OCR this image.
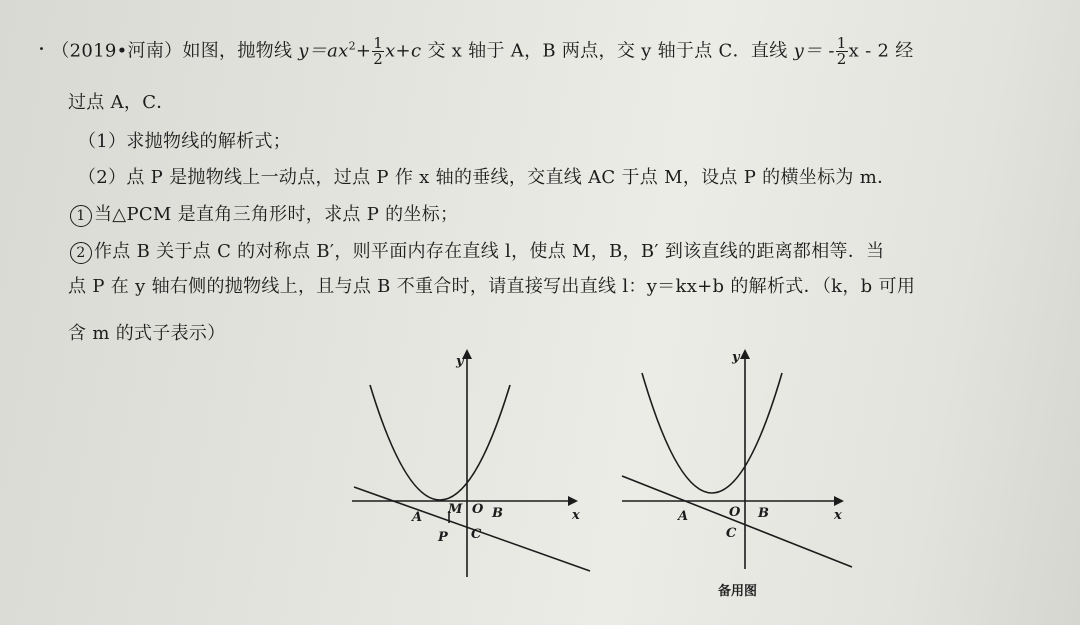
· （2019•河南）如图，抛物线 $y=ax^2+ \frac{1}{2} x+c$ 交 x 轴于 A，B 两点，交 y 轴于点 C．直线 $y= - \frac{1}{2}$ x - 2 经
过点 A，C．
（1）求抛物线的解析式；
（2）点 P 是抛物线上一动点，过点 P 作 x 轴的垂线，交直线 AC 于点 M，设点 P 的横坐标为 m．
1 当△PCM 是直角三角形时，求点 P 的坐标；
2 作点 B 关于点 C 的对称点 B′，则平面内存在直线 l，使点 M，B，B′ 到该直线的距离都相等．当
点 P 在 y 轴右侧的抛物线上，且与点 B 不重合时，请直接写出直线 l：y＝kx+b 的解析式．（k，b 可用
含 m 的式子表示）
y
x
A
M O B
P C
y
x
A	O B
C
备用图
